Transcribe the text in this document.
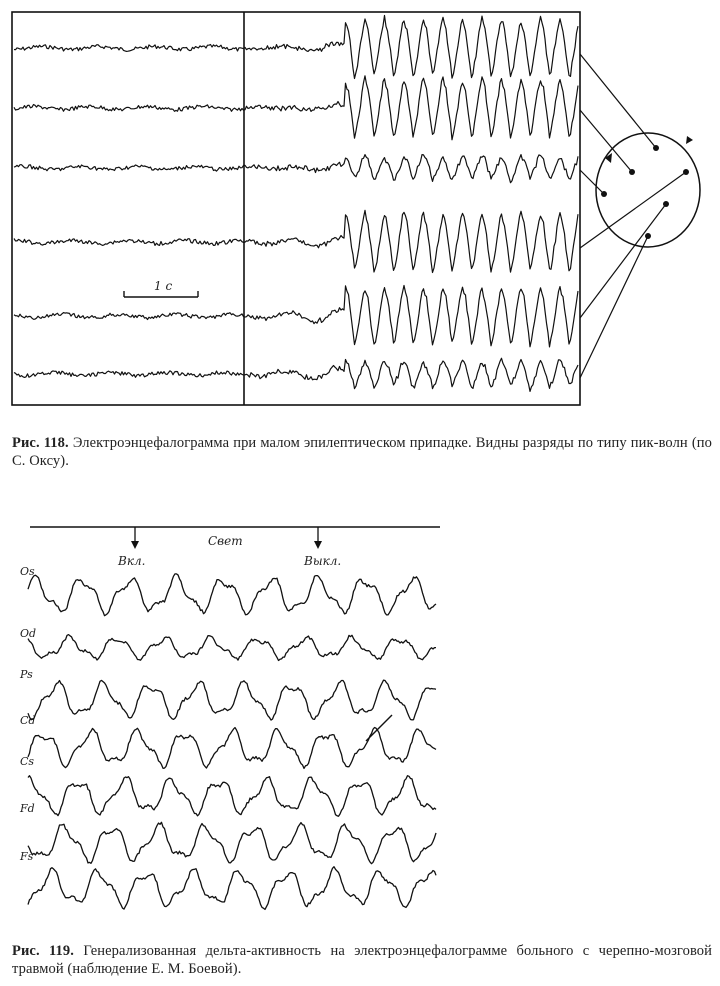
1 с
Рис. 118. Электроэнцефалограмма при малом эпилептическом припадке. Видны разряды по типу пик-волн (по С. Оксу).
Свет
Вкл.	Выкл.
Os
Od
Ps
Cd
Cs
Fd
Fs
Рис. 119. Генерализованная дельта-активность на электроэнцефалограмме больного с черепно-мозговой травмой (наблюдение Е. М. Боевой).
